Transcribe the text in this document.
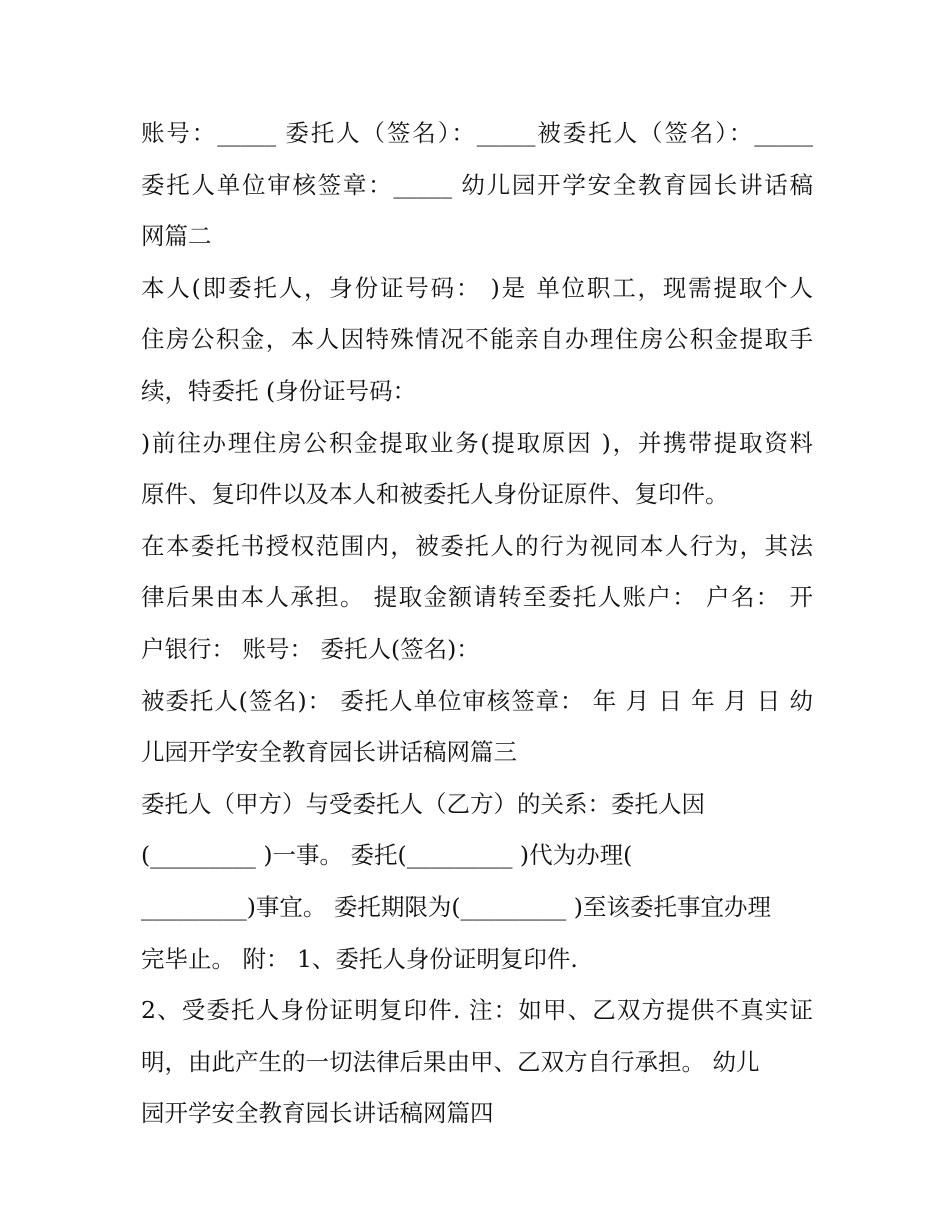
账号：_____ 委托人（签名）：_____被委托人（签名）：_____
委托人单位审核签章：_____ 幼儿园开学安全教育园长讲话稿
网篇二
本人(即委托人，身份证号码： )是 单位职工，现需提取个人
住房公积金，本人因特殊情况不能亲自办理住房公积金提取手
续，特委托 (身份证号码：
)前往办理住房公积金提取业务(提取原因 )，并携带提取资料
原件、复印件以及本人和被委托人身份证原件、复印件。
在本委托书授权范围内，被委托人的行为视同本人行为，其法
律后果由本人承担。 提取金额请转至委托人账户： 户名： 开
户银行： 账号： 委托人(签名)：
被委托人(签名)： 委托人单位审核签章： 年 月 日 年 月 日 幼
儿园开学安全教育园长讲话稿网篇三
委托人（甲方）与受委托人（乙方）的关系：委托人因
(_________ )一事。 委托(_________ )代为办理(
_________)事宜。 委托期限为(_________ )至该委托事宜办理
完毕止。 附： 1、委托人身份证明复印件.
2、受委托人身份证明复印件. 注：如甲、乙双方提供不真实证
明，由此产生的一切法律后果由甲、乙双方自行承担。 幼儿
园开学安全教育园长讲话稿网篇四
